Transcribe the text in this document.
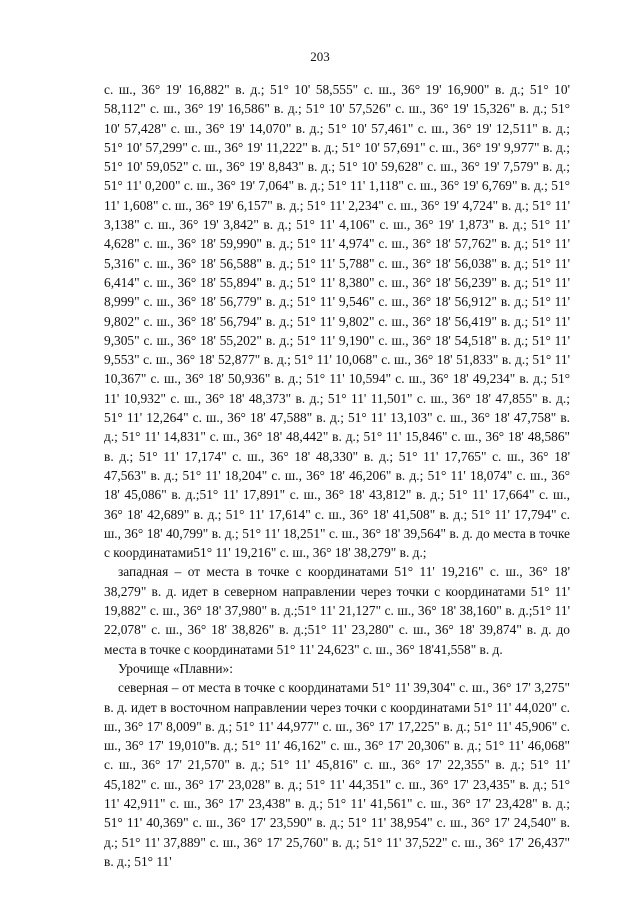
203

с. ш., 36° 19' 16,882" в. д.; 51° 10' 58,555" с. ш., 36° 19' 16,900" в. д.; 51° 10' 58,112" с. ш., 36° 19' 16,586" в. д.; 51° 10' 57,526" с. ш., 36° 19' 15,326" в. д.; 51° 10' 57,428" с. ш., 36° 19' 14,070" в. д.; 51° 10' 57,461" с. ш., 36° 19' 12,511" в. д.; 51° 10' 57,299" с. ш., 36° 19' 11,222" в. д.; 51° 10' 57,691" с. ш., 36° 19' 9,977" в. д.; 51° 10' 59,052" с. ш., 36° 19' 8,843" в. д.; 51° 10' 59,628" с. ш., 36° 19' 7,579" в. д.; 51° 11' 0,200" с. ш., 36° 19' 7,064" в. д.; 51° 11' 1,118" с. ш., 36° 19' 6,769" в. д.; 51° 11' 1,608" с. ш., 36° 19' 6,157" в. д.; 51° 11' 2,234" с. ш., 36° 19' 4,724" в. д.; 51° 11' 3,138" с. ш., 36° 19' 3,842" в. д.; 51° 11' 4,106" с. ш., 36° 19' 1,873" в. д.; 51° 11' 4,628" с. ш., 36° 18' 59,990" в. д.; 51° 11' 4,974" с. ш., 36° 18' 57,762" в. д.; 51° 11' 5,316" с. ш., 36° 18' 56,588" в. д.; 51° 11' 5,788" с. ш., 36° 18' 56,038" в. д.; 51° 11' 6,414" с. ш., 36° 18' 55,894" в. д.; 51° 11' 8,380" с. ш., 36° 18' 56,239" в. д.; 51° 11' 8,999" с. ш., 36° 18' 56,779" в. д.; 51° 11' 9,546" с. ш., 36° 18' 56,912" в. д.; 51° 11' 9,802" с. ш., 36° 18' 56,794" в. д.; 51° 11' 9,802" с. ш., 36° 18' 56,419" в. д.; 51° 11' 9,305" с. ш., 36° 18' 55,202" в. д.; 51° 11' 9,190" с. ш., 36° 18' 54,518" в. д.; 51° 11' 9,553" с. ш., 36° 18' 52,877" в. д.; 51° 11' 10,068" с. ш., 36° 18' 51,833" в. д.; 51° 11' 10,367" с. ш., 36° 18' 50,936" в. д.; 51° 11' 10,594" с. ш., 36° 18' 49,234" в. д.; 51° 11' 10,932" с. ш., 36° 18' 48,373" в. д.; 51° 11' 11,501" с. ш., 36° 18' 47,855" в. д.; 51° 11' 12,264" с. ш., 36° 18' 47,588" в. д.; 51° 11' 13,103" с. ш., 36° 18' 47,758" в. д.; 51° 11' 14,831" с. ш., 36° 18' 48,442" в. д.; 51° 11' 15,846" с. ш., 36° 18' 48,586" в. д.; 51° 11' 17,174" с. ш., 36° 18' 48,330" в. д.; 51° 11' 17,765" с. ш., 36° 18' 47,563" в. д.; 51° 11' 18,204" с. ш., 36° 18' 46,206" в. д.; 51° 11' 18,074" с. ш., 36° 18' 45,086" в. д.;51° 11' 17,891" с. ш., 36° 18' 43,812" в. д.; 51° 11' 17,664" с. ш., 36° 18' 42,689" в. д.; 51° 11' 17,614" с. ш., 36° 18' 41,508" в. д.; 51° 11' 17,794" с. ш., 36° 18' 40,799" в. д.; 51° 11' 18,251" с. ш., 36° 18' 39,564" в. д. до места в точке с координатами51° 11' 19,216" с. ш., 36° 18' 38,279" в. д.;

западная – от места в точке с координатами 51° 11' 19,216" с. ш., 36° 18' 38,279" в. д. идет в северном направлении через точки с координатами 51° 11' 19,882" с. ш., 36° 18' 37,980" в. д.;51° 11' 21,127" с. ш., 36° 18' 38,160" в. д.;51° 11' 22,078" с. ш., 36° 18' 38,826" в. д.;51° 11' 23,280" с. ш., 36° 18' 39,874" в. д. до места в точке с координатами 51° 11' 24,623" с. ш., 36° 18'41,558" в. д.

Урочище «Плавни»:

северная – от места в точке с координатами 51° 11' 39,304" с. ш., 36° 17' 3,275" в. д. идет в восточном направлении через точки с координатами 51° 11' 44,020" с. ш., 36° 17' 8,009" в. д.; 51° 11' 44,977" с. ш., 36° 17' 17,225" в. д.; 51° 11' 45,906" с. ш., 36° 17' 19,010"в. д.; 51° 11' 46,162" с. ш., 36° 17' 20,306" в. д.; 51° 11' 46,068" с. ш., 36° 17' 21,570" в. д.; 51° 11' 45,816" с. ш., 36° 17' 22,355" в. д.; 51° 11' 45,182" с. ш., 36° 17' 23,028" в. д.; 51° 11' 44,351" с. ш., 36° 17' 23,435" в. д.; 51° 11' 42,911" с. ш., 36° 17' 23,438" в. д.; 51° 11' 41,561" с. ш., 36° 17' 23,428" в. д.; 51° 11' 40,369" с. ш., 36° 17' 23,590" в. д.; 51° 11' 38,954" с. ш., 36° 17' 24,540" в. д.; 51° 11' 37,889" с. ш., 36° 17' 25,760" в. д.; 51° 11' 37,522" с. ш., 36° 17' 26,437" в. д.; 51° 11'
